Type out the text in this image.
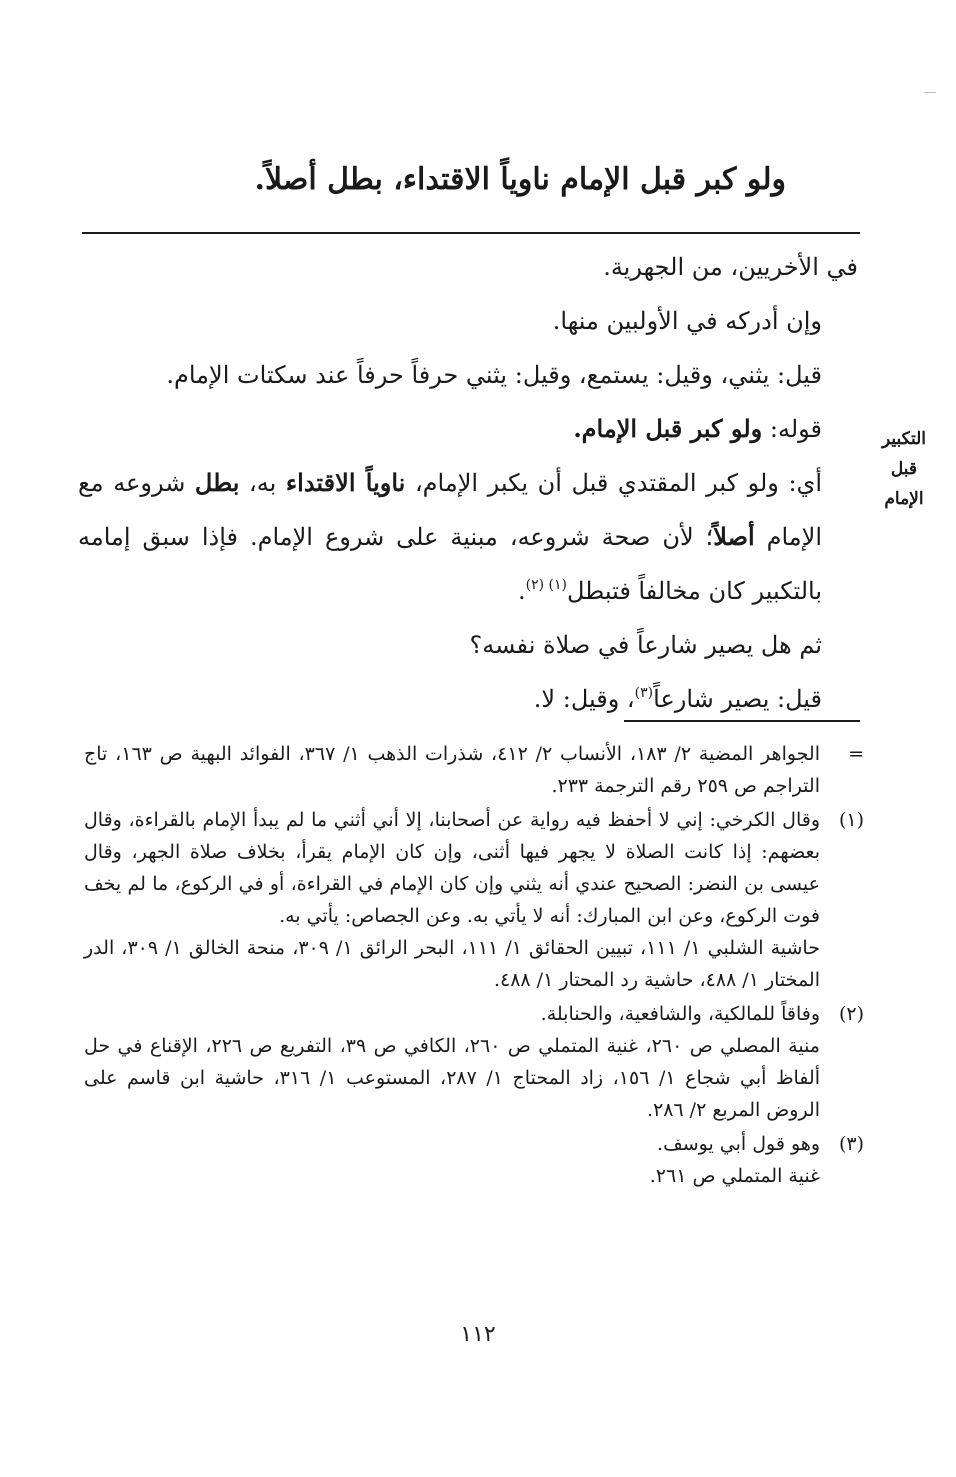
ولو كبر قبل الإمام ناوياً الاقتداء، بطل أصلاً.
التكبير
قبل
الإمام

في الأخريين، من الجهرية.

وإن أدركه في الأولبين منها.

قيل: يثني، وقيل: يستمع، وقيل: يثني حرفاً حرفاً عند سكتات الإمام.

قوله: ولو كبر قبل الإمام.

أي: ولو كبر المقتدي قبل أن يكبر الإمام، ناوياً الاقتداء به، بطل شروعه مع الإمام أصلاً؛ لأن صحة شروعه، مبنية على شروع الإمام. فإذا سبق إمامه بالتكبير كان مخالفاً فتبطل$^{(١) (٢)}$.

ثم هل يصير شارعاً في صلاة نفسه؟

قيل: يصير شارعاً$^{(٣)}$، وقيل: لا.

=
الجواهر المضية ٢/ ١٨٣، الأنساب ٢/ ٤١٢، شذرات الذهب ١/ ٣٦٧، الفوائد البهية ص ١٦٣، تاج التراجم ص ٢٥٩ رقم الترجمة ٢٣٣.
(١)
وقال الكرخي: إني لا أحفظ فيه رواية عن أصحابنا، إلا أني أثني ما لم يبدأ الإمام بالقراءة، وقال بعضهم: إذا كانت الصلاة لا يجهر فيها أثنى، وإن كان الإمام يقرأ، بخلاف صلاة الجهر، وقال عيسى بن النضر: الصحيح عندي أنه يثني وإن كان الإمام في القراءة، أو في الركوع، ما لم يخف فوت الركوع، وعن ابن المبارك: أنه لا يأتي به. وعن الجصاص: يأتي به.
حاشية الشلبي ١/ ١١١، تبيين الحقائق ١/ ١١١، البحر الرائق ١/ ٣٠٩، منحة الخالق ١/ ٣٠٩، الدر المختار ١/ ٤٨٨، حاشية رد المحتار ١/ ٤٨٨.
(٢)
وفاقاً للمالكية، والشافعية، والحنابلة.
منية المصلي ص ٢٦٠، غنية المتملي ص ٢٦٠، الكافي ص ٣٩، التفريع ص ٢٢٦، الإقناع في حل ألفاظ أبي شجاع ١/ ١٥٦، زاد المحتاج ١/ ٢٨٧، المستوعب ١/ ٣١٦، حاشية ابن قاسم على الروض المربع ٢/ ٢٨٦.
(٣)
وهو قول أبي يوسف.
غنية المتملي ص ٢٦١.
١١٢
